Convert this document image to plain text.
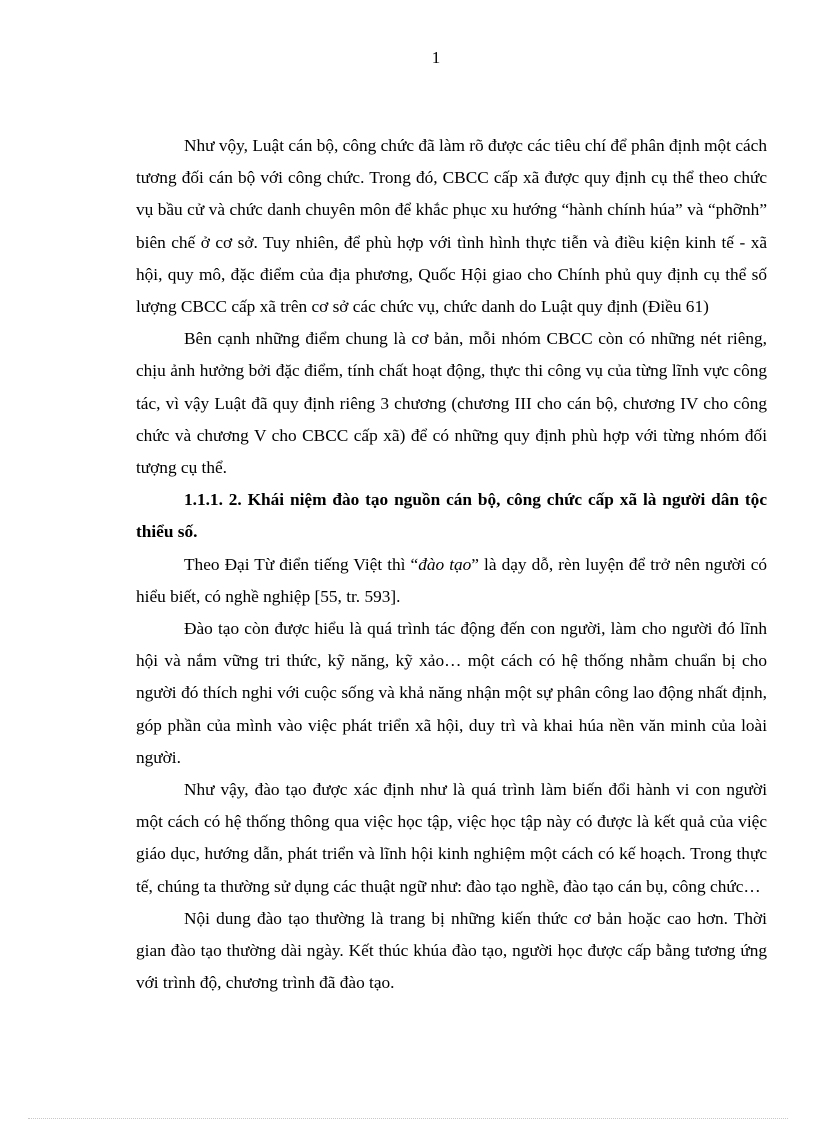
1

Như vộy, Luật cán bộ, công chức đã làm rõ được các tiêu chí để phân định một cách tương đối cán bộ với công chức. Trong đó, CBCC cấp xã được quy định cụ thể theo chức vụ bầu cử và chức danh chuyên môn để khắc phục xu hướng “hành chính húa” và “phỡnh” biên chế ở cơ sở. Tuy nhiên, để phù hợp với tình hình thực tiễn và điều kiện kinh tế - xã hội, quy mô, đặc điểm của địa phương, Quốc Hội giao cho Chính phủ quy định cụ thể số lượng CBCC cấp xã trên cơ sở các chức vụ, chức danh do Luật quy định (Điều 61)

Bên cạnh những điểm chung là cơ bản, mỗi nhóm CBCC còn có những nét riêng, chịu ảnh hưởng bởi đặc điểm, tính chất hoạt động, thực thi công vụ của từng lĩnh vực công tác, vì vậy Luật đã quy định riêng 3 chương (chương III cho cán bộ, chương IV cho công chức và chương V cho CBCC cấp xã) để có những quy định phù hợp với từng nhóm đối tượng cụ thể.

1.1.1. 2. Khái niệm đào tạo nguồn cán bộ, công chức cấp xã là người dân tộc thiểu số.

Theo Đại Từ điển tiếng Việt thì “đào tạo” là dạy dỗ, rèn luyện để trở nên người có hiểu biết, có nghề nghiệp [55, tr. 593].

Đào tạo còn được hiểu là quá trình tác động đến con người, làm cho người đó lĩnh hội và nắm vững tri thức, kỹ năng, kỹ xảo… một cách có hệ thống nhằm chuẩn bị cho người đó thích nghi với cuộc sống và khả năng nhận một sự phân công lao động nhất định, góp phần của mình vào việc phát triển xã hội, duy trì và khai húa nền văn minh của loài người.

Như vậy, đào tạo được xác định như là quá trình làm biến đổi hành vi con người một cách có hệ thống thông qua việc học tập, việc học tập này có được là kết quả của việc giáo dục, hướng dẫn, phát triển và lĩnh hội kinh nghiệm một cách có kế hoạch. Trong thực tế, chúng ta thường sử dụng các thuật ngữ như: đào tạo nghề, đào tạo cán bụ, công chức…

Nội dung đào tạo thường là trang bị những kiến thức cơ bản hoặc cao hơn. Thời gian đào tạo thường dài ngày. Kết thúc khúa đào tạo, người học được cấp bằng tương ứng với trình độ, chương trình đã đào tạo.
